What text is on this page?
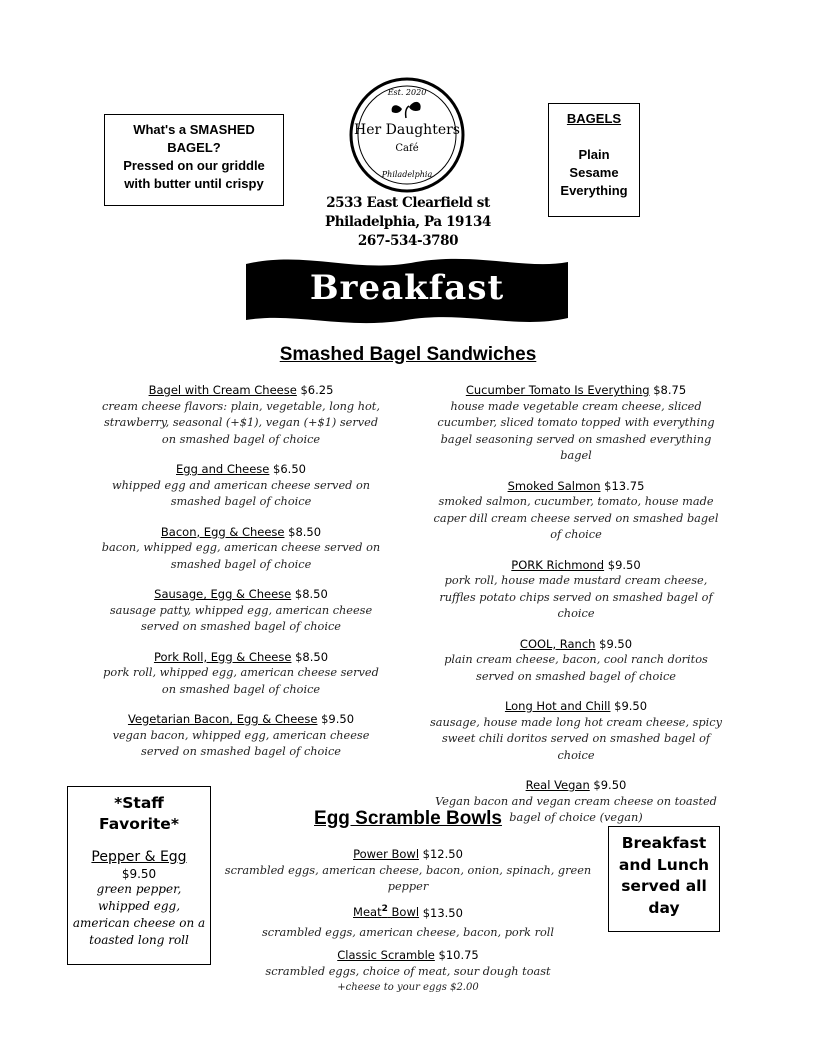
What's a SMASHED
BAGEL?
Pressed on our griddle
with butter until crispy
Est. 2020
Her Daughters
Café
Philadelphia
2533 East Clearfield st
Philadelphia, Pa 19134
267-534-3780
BAGELS
Plain
Sesame
Everything
Breakfast
Smashed Bagel Sandwiches
Bagel with Cream Cheese $6.25
cream cheese flavors: plain, vegetable, long hot, strawberry, seasonal (+$1), vegan (+$1) served on smashed bagel of choice
Egg and Cheese $6.50
whipped egg and american cheese served on smashed bagel of choice
Bacon, Egg & Cheese $8.50
bacon, whipped egg, american cheese served on smashed bagel of choice
Sausage, Egg & Cheese $8.50
sausage patty, whipped egg, american cheese served on smashed bagel of choice
Pork Roll, Egg & Cheese $8.50
pork roll, whipped egg, american cheese served on smashed bagel of choice
Vegetarian Bacon, Egg & Cheese $9.50
vegan bacon, whipped egg, american cheese served on smashed bagel of choice
Cucumber Tomato Is Everything $8.75
house made vegetable cream cheese, sliced cucumber, sliced tomato topped with everything bagel seasoning served on smashed everything bagel
Smoked Salmon $13.75
smoked salmon, cucumber, tomato, house made caper dill cream cheese served on smashed bagel of choice
PORK Richmond $9.50
pork roll, house made mustard cream cheese, ruffles potato chips served on smashed bagel of choice
COOL, Ranch $9.50
plain cream cheese, bacon, cool ranch doritos served on smashed bagel of choice
Long Hot and Chill $9.50
sausage, house made long hot cream cheese, spicy sweet chili doritos served on smashed bagel of choice
Real Vegan $9.50
Vegan bacon and vegan cream cheese on toasted bagel of choice (vegan)
*Staff
Favorite*
Pepper & Egg
$9.50
green pepper, whipped egg, american cheese on a toasted long roll
Egg Scramble Bowls
Power Bowl $12.50
scrambled eggs, american cheese, bacon, onion, spinach, green pepper
Meat$^2$ Bowl $13.50
scrambled eggs, american cheese, bacon, pork roll
Classic Scramble $10.75
scrambled eggs, choice of meat, sour dough toast
+cheese to your eggs $2.00
Breakfast
and Lunch
served all
day
